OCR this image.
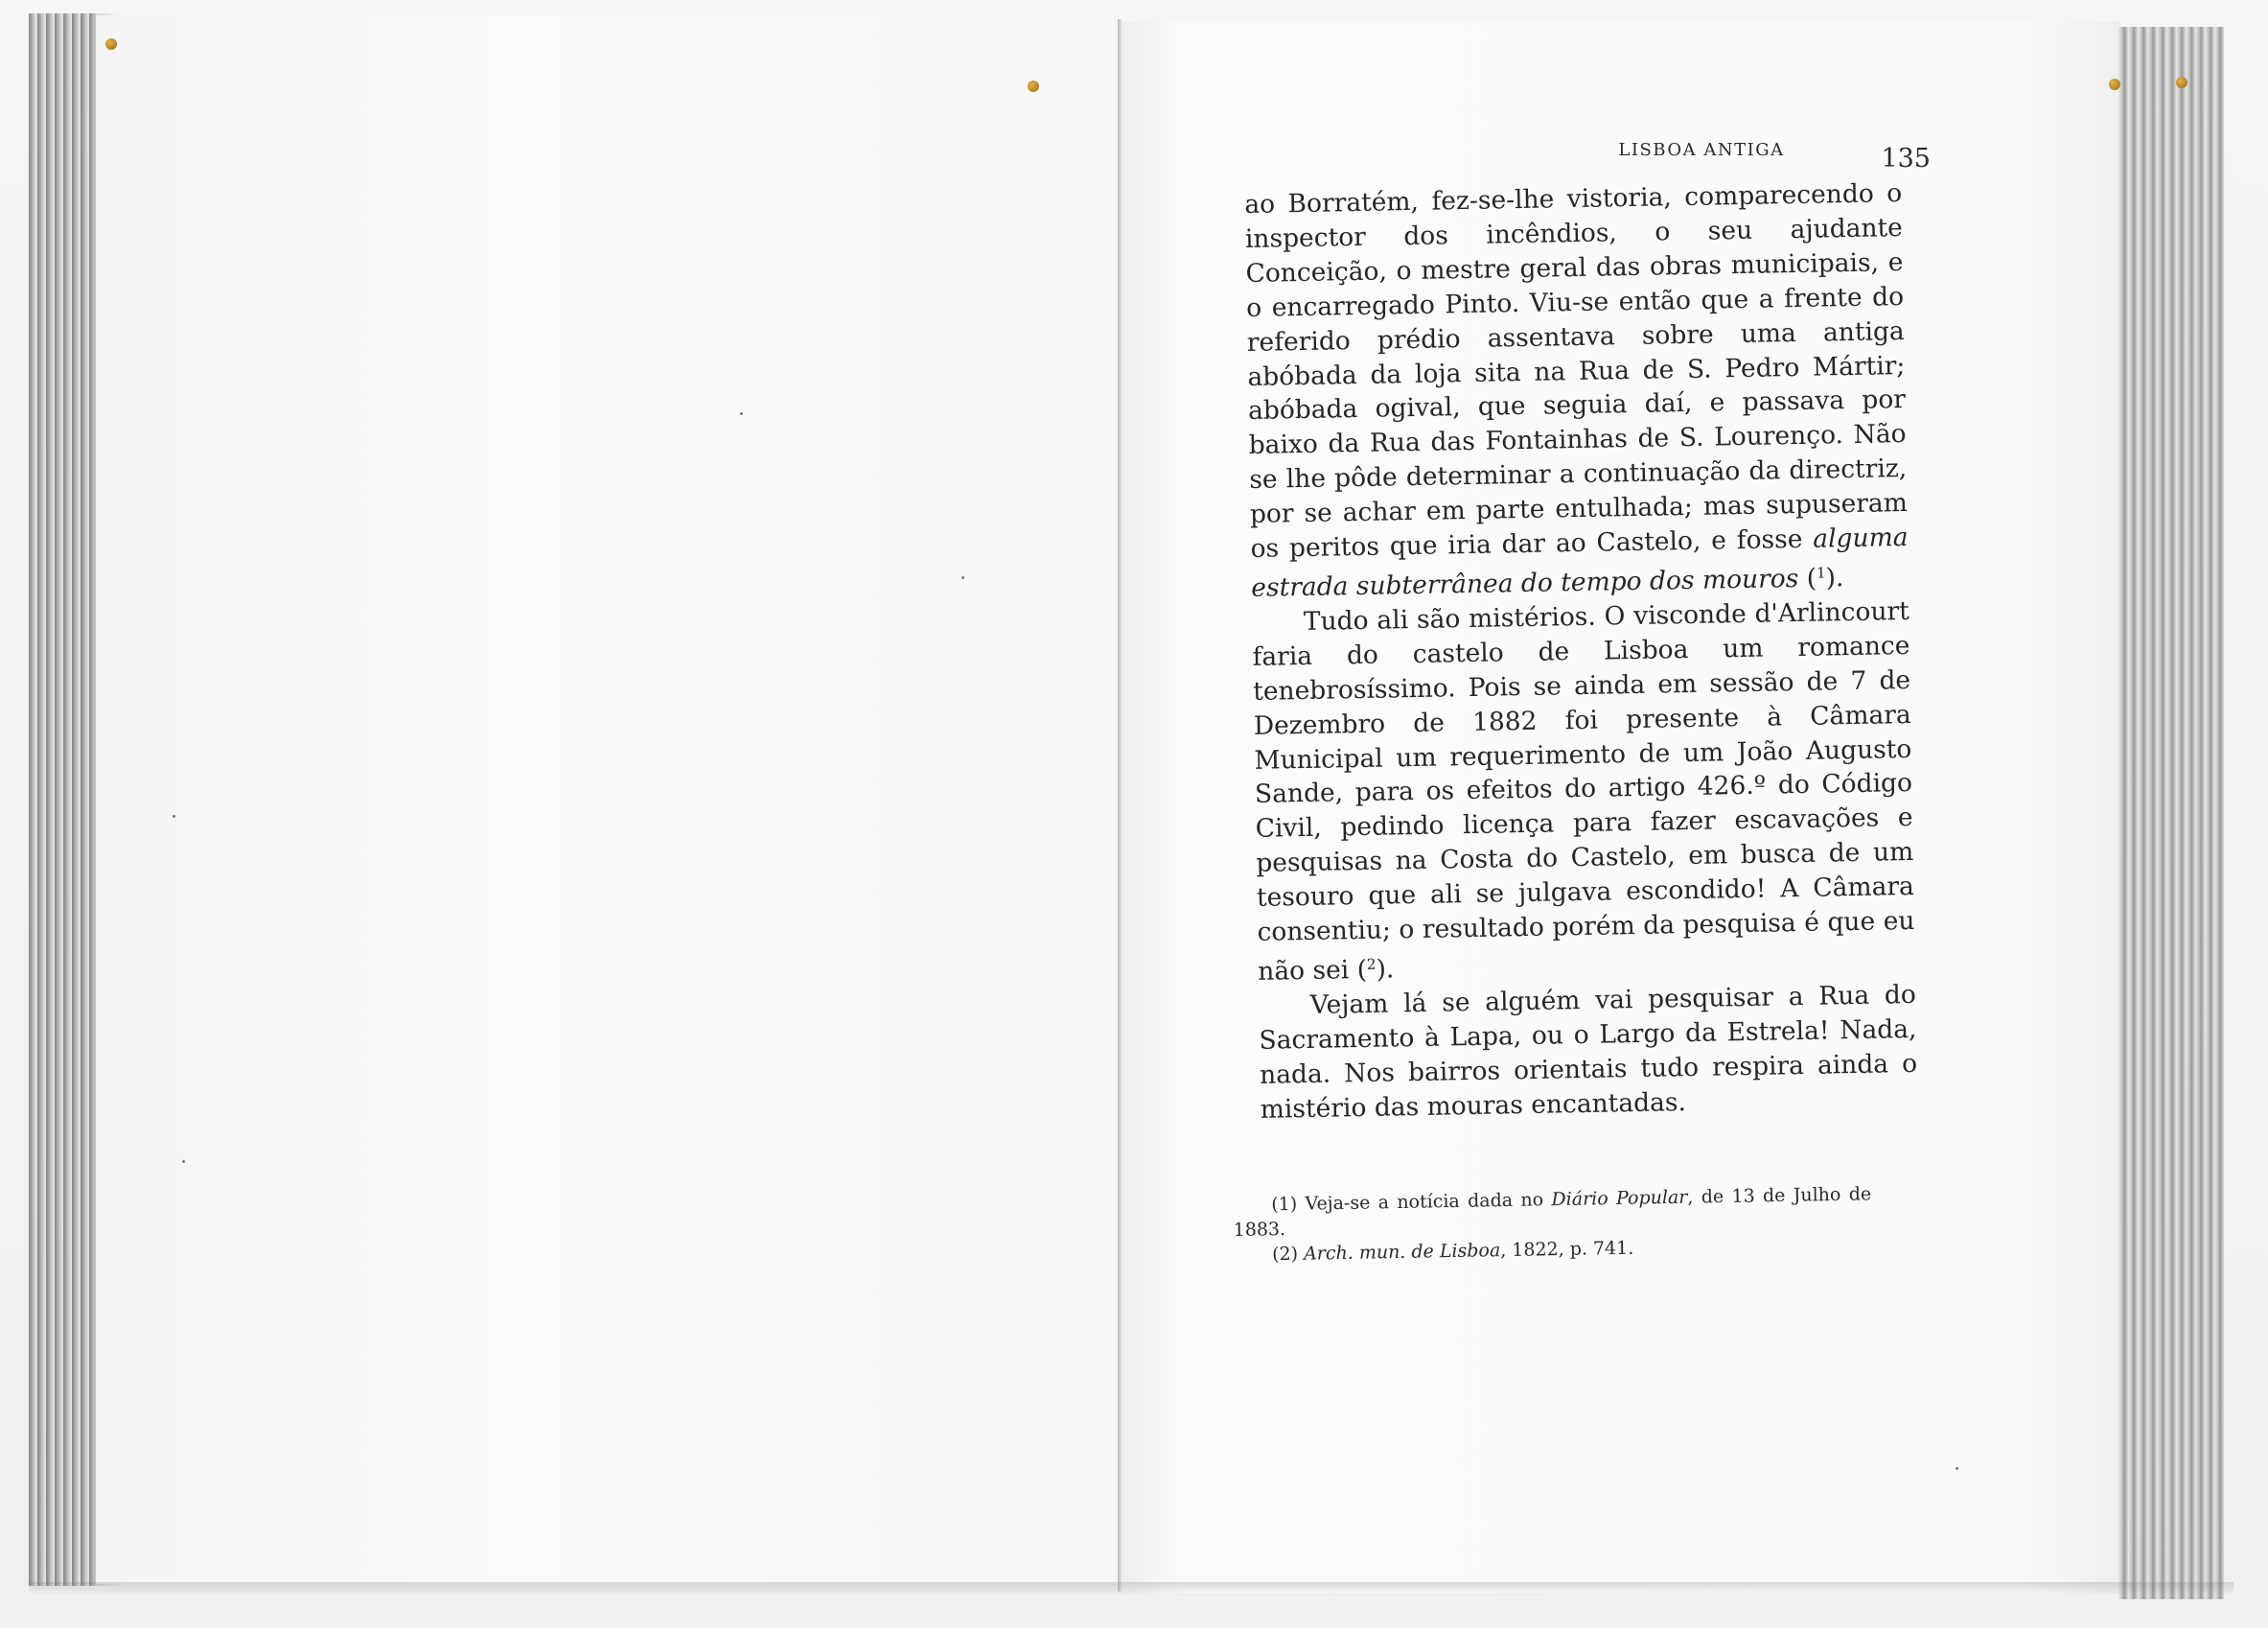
LISBOA ANTIGA	135

ao Borratém, fez-se-lhe vistoria, comparecendo o inspector dos incêndios, o seu ajudante Conceição, o mestre geral das obras municipais, e o encarregado Pinto. Viu-se então que a frente do referido prédio assentava sobre uma antiga abóbada da loja sita na Rua de S. Pedro Mártir; abóbada ogival, que seguia daí, e passava por baixo da Rua das Fontainhas de S. Lourenço. Não se lhe pôde determinar a continuação da directriz, por se achar em parte entulhada; mas supuseram os peritos que iria dar ao Castelo, e fosse alguma estrada subterrânea do tempo dos mouros ($^1$).

Tudo ali são mistérios. O visconde d'Arlincourt faria do castelo de Lisboa um romance tenebrosíssimo. Pois se ainda em sessão de 7 de Dezembro de 1882 foi presente à Câmara Municipal um requerimento de um João Augusto Sande, para os efeitos do artigo 426.º do Código Civil, pedindo licença para fazer escavações e pesquisas na Costa do Castelo, em busca de um tesouro que ali se julgava escondido! A Câmara consentiu; o resultado porém da pesquisa é que eu não sei ($^2$).

Vejam lá se alguém vai pesquisar a Rua do Sacramento à Lapa, ou o Largo da Estrela! Nada, nada. Nos bairros orientais tudo respira ainda o mistério das mouras encantadas.

(1) Veja-se a notícia dada no Diário Popular, de 13 de Julho de 1883.

(2) Arch. mun. de Lisboa, 1822, p. 741.
